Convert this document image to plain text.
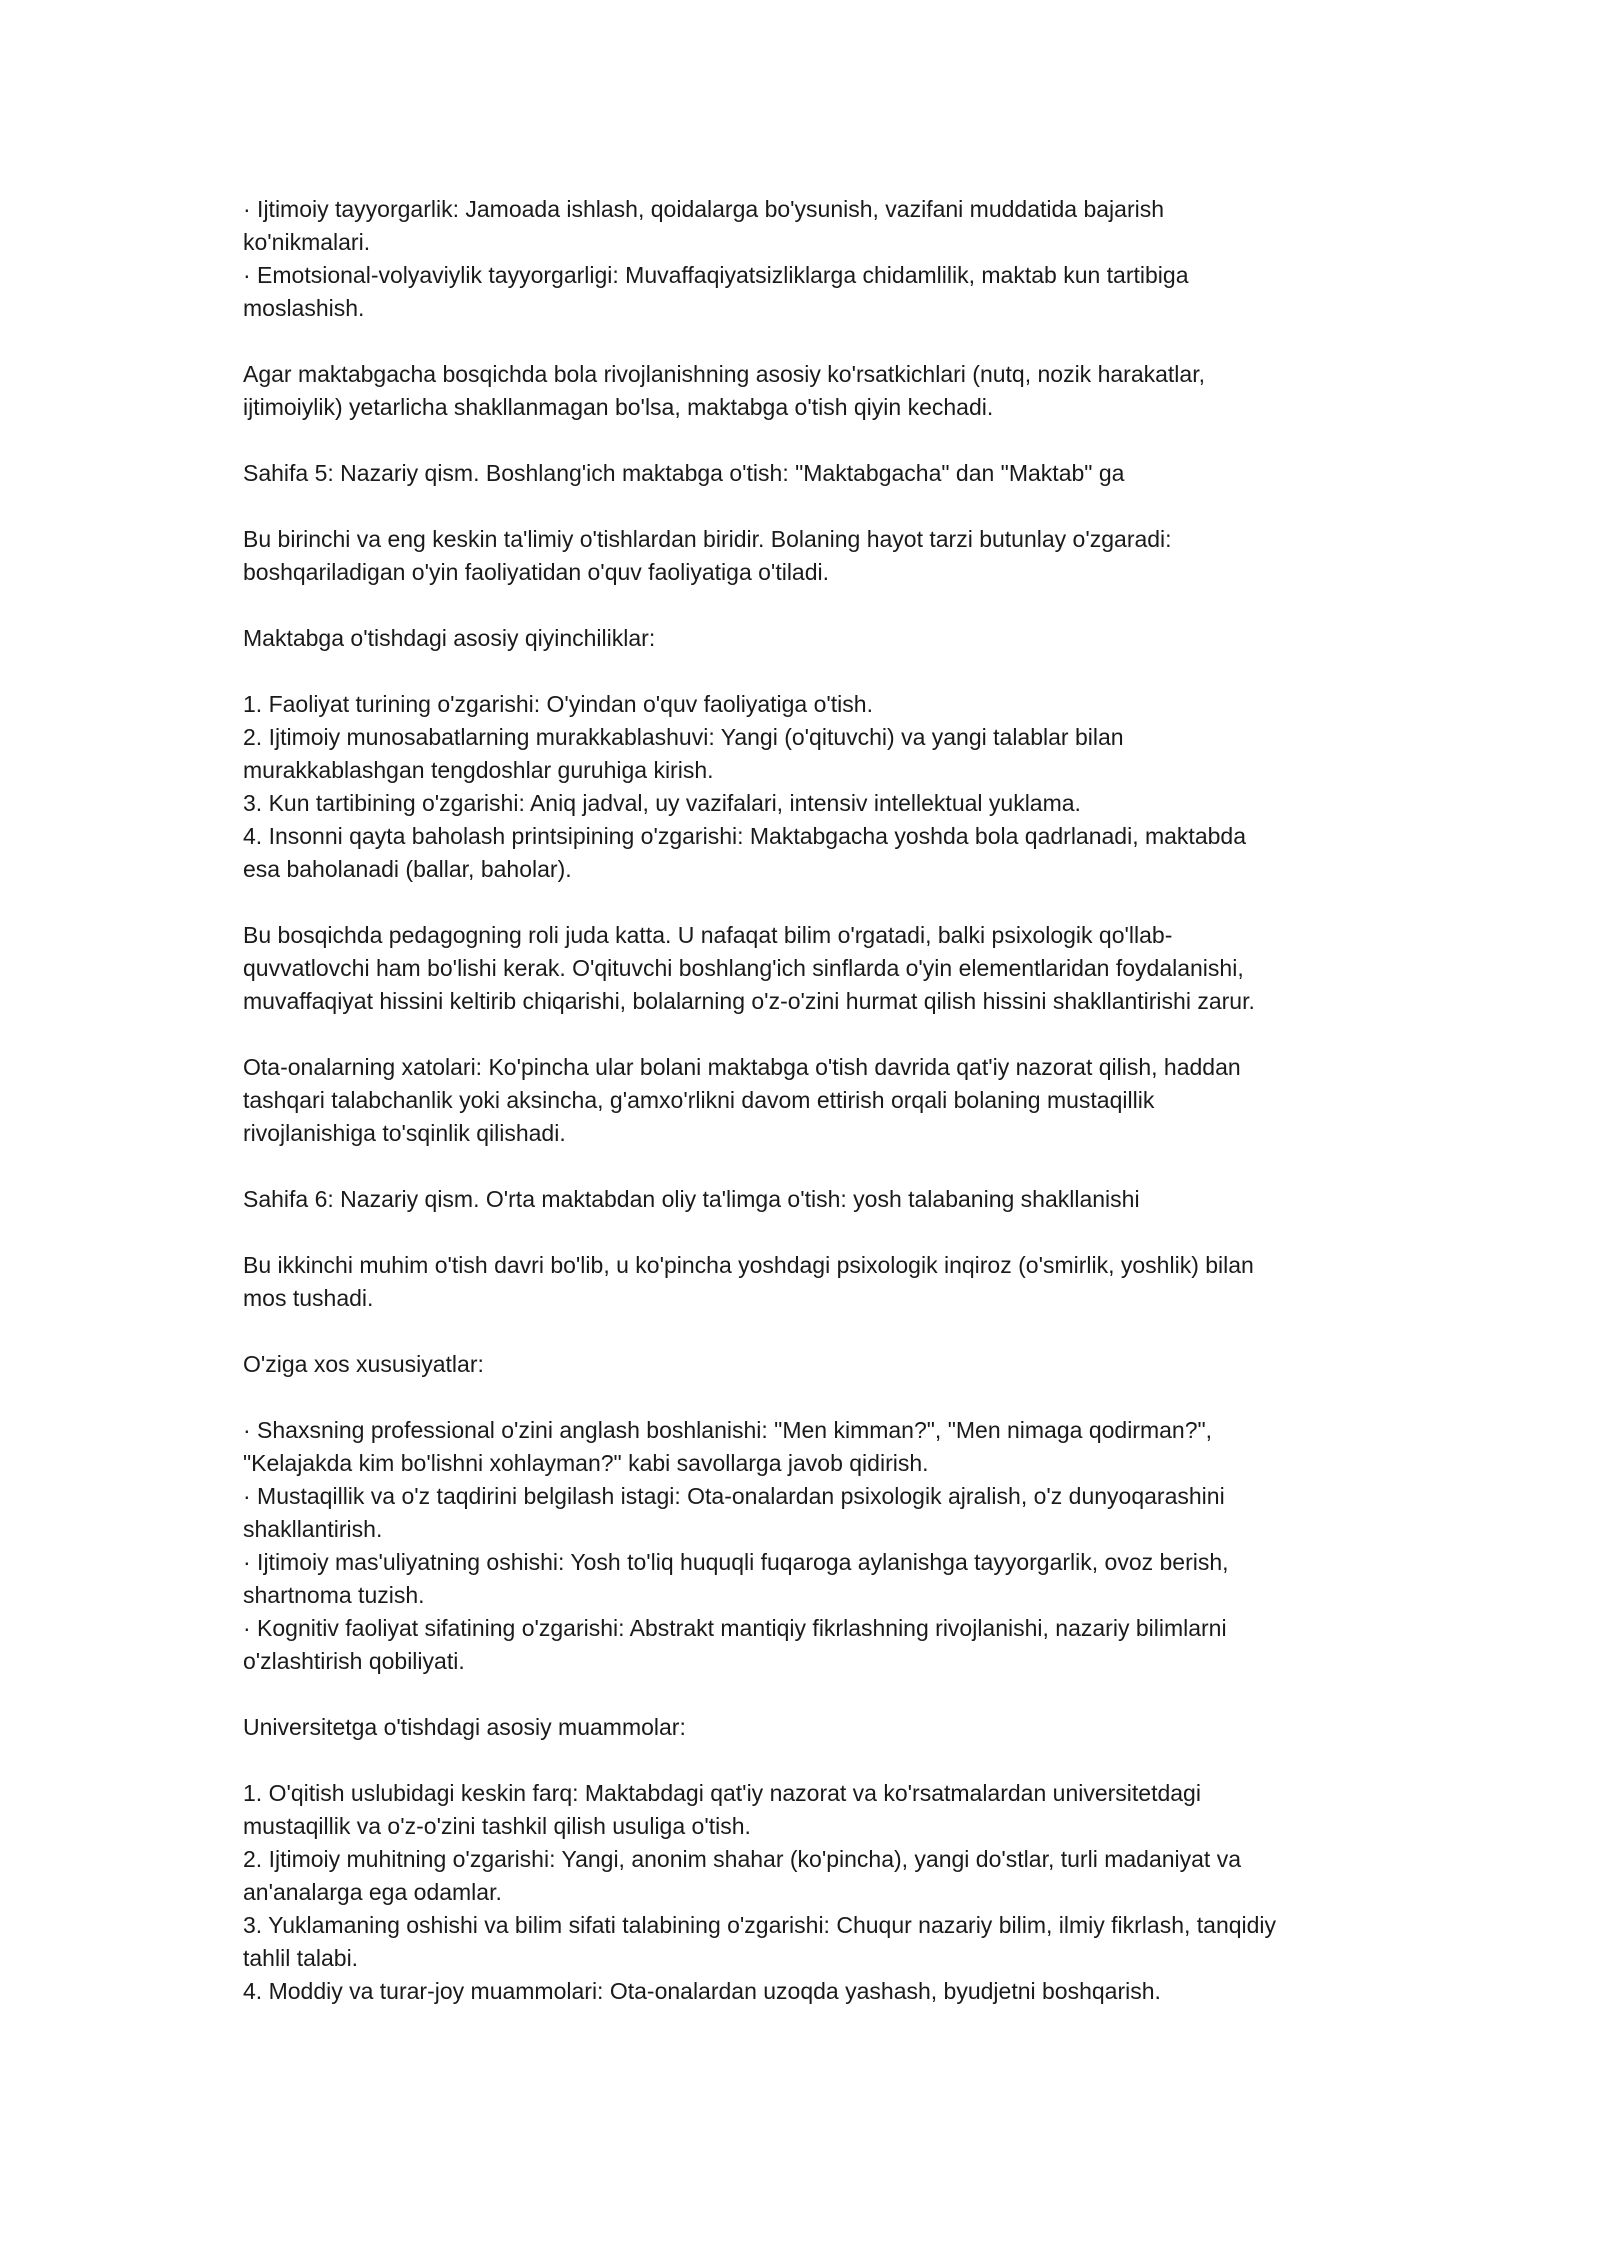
· Ijtimoiy tayyorgarlik: Jamoada ishlash, qoidalarga bo'ysunish, vazifani muddatida bajarish
ko'nikmalari.
· Emotsional-volyaviylik tayyorgarligi: Muvaffaqiyatsizliklarga chidamlilik, maktab kun tartibiga
moslashish.
Agar maktabgacha bosqichda bola rivojlanishning asosiy ko'rsatkichlari (nutq, nozik harakatlar,
ijtimoiylik) yetarlicha shakllanmagan bo'lsa, maktabga o'tish qiyin kechadi.
Sahifa 5: Nazariy qism. Boshlang'ich maktabga o'tish: "Maktabgacha" dan "Maktab" ga
Bu birinchi va eng keskin ta'limiy o'tishlardan biridir. Bolaning hayot tarzi butunlay o'zgaradi:
boshqariladigan o'yin faoliyatidan o'quv faoliyatiga o'tiladi.
Maktabga o'tishdagi asosiy qiyinchiliklar:
1. Faoliyat turining o'zgarishi: O'yindan o'quv faoliyatiga o'tish.
2. Ijtimoiy munosabatlarning murakkablashuvi: Yangi (o'qituvchi) va yangi talablar bilan
murakkablashgan tengdoshlar guruhiga kirish.
3. Kun tartibining o'zgarishi: Aniq jadval, uy vazifalari, intensiv intellektual yuklama.
4. Insonni qayta baholash printsipining o'zgarishi: Maktabgacha yoshda bola qadrlanadi, maktabda
esa baholanadi (ballar, baholar).
Bu bosqichda pedagogning roli juda katta. U nafaqat bilim o'rgatadi, balki psixologik qo'llab-
quvvatlovchi ham bo'lishi kerak. O'qituvchi boshlang'ich sinflarda o'yin elementlaridan foydalanishi,
muvaffaqiyat hissini keltirib chiqarishi, bolalarning o'z-o'zini hurmat qilish hissini shakllantirishi zarur.
Ota-onalarning xatolari: Ko'pincha ular bolani maktabga o'tish davrida qat'iy nazorat qilish, haddan
tashqari talabchanlik yoki aksincha, g'amxo'rlikni davom ettirish orqali bolaning mustaqillik
rivojlanishiga to'sqinlik qilishadi.
Sahifa 6: Nazariy qism. O'rta maktabdan oliy ta'limga o'tish: yosh talabaning shakllanishi
Bu ikkinchi muhim o'tish davri bo'lib, u ko'pincha yoshdagi psixologik inqiroz (o'smirlik, yoshlik) bilan
mos tushadi.
O'ziga xos xususiyatlar:
· Shaxsning professional o'zini anglash boshlanishi: "Men kimman?", "Men nimaga qodirman?",
"Kelajakda kim bo'lishni xohlayman?" kabi savollarga javob qidirish.
· Mustaqillik va o'z taqdirini belgilash istagi: Ota-onalardan psixologik ajralish, o'z dunyoqarashini
shakllantirish.
· Ijtimoiy mas'uliyatning oshishi: Yosh to'liq huquqli fuqaroga aylanishga tayyorgarlik, ovoz berish,
shartnoma tuzish.
· Kognitiv faoliyat sifatining o'zgarishi: Abstrakt mantiqiy fikrlashning rivojlanishi, nazariy bilimlarni
o'zlashtirish qobiliyati.
Universitetga o'tishdagi asosiy muammolar:
1. O'qitish uslubidagi keskin farq: Maktabdagi qat'iy nazorat va ko'rsatmalardan universitetdagi
mustaqillik va o'z-o'zini tashkil qilish usuliga o'tish.
2. Ijtimoiy muhitning o'zgarishi: Yangi, anonim shahar (ko'pincha), yangi do'stlar, turli madaniyat va
an'analarga ega odamlar.
3. Yuklamaning oshishi va bilim sifati talabining o'zgarishi: Chuqur nazariy bilim, ilmiy fikrlash, tanqidiy
tahlil talabi.
4. Moddiy va turar-joy muammolari: Ota-onalardan uzoqda yashash, byudjetni boshqarish.
